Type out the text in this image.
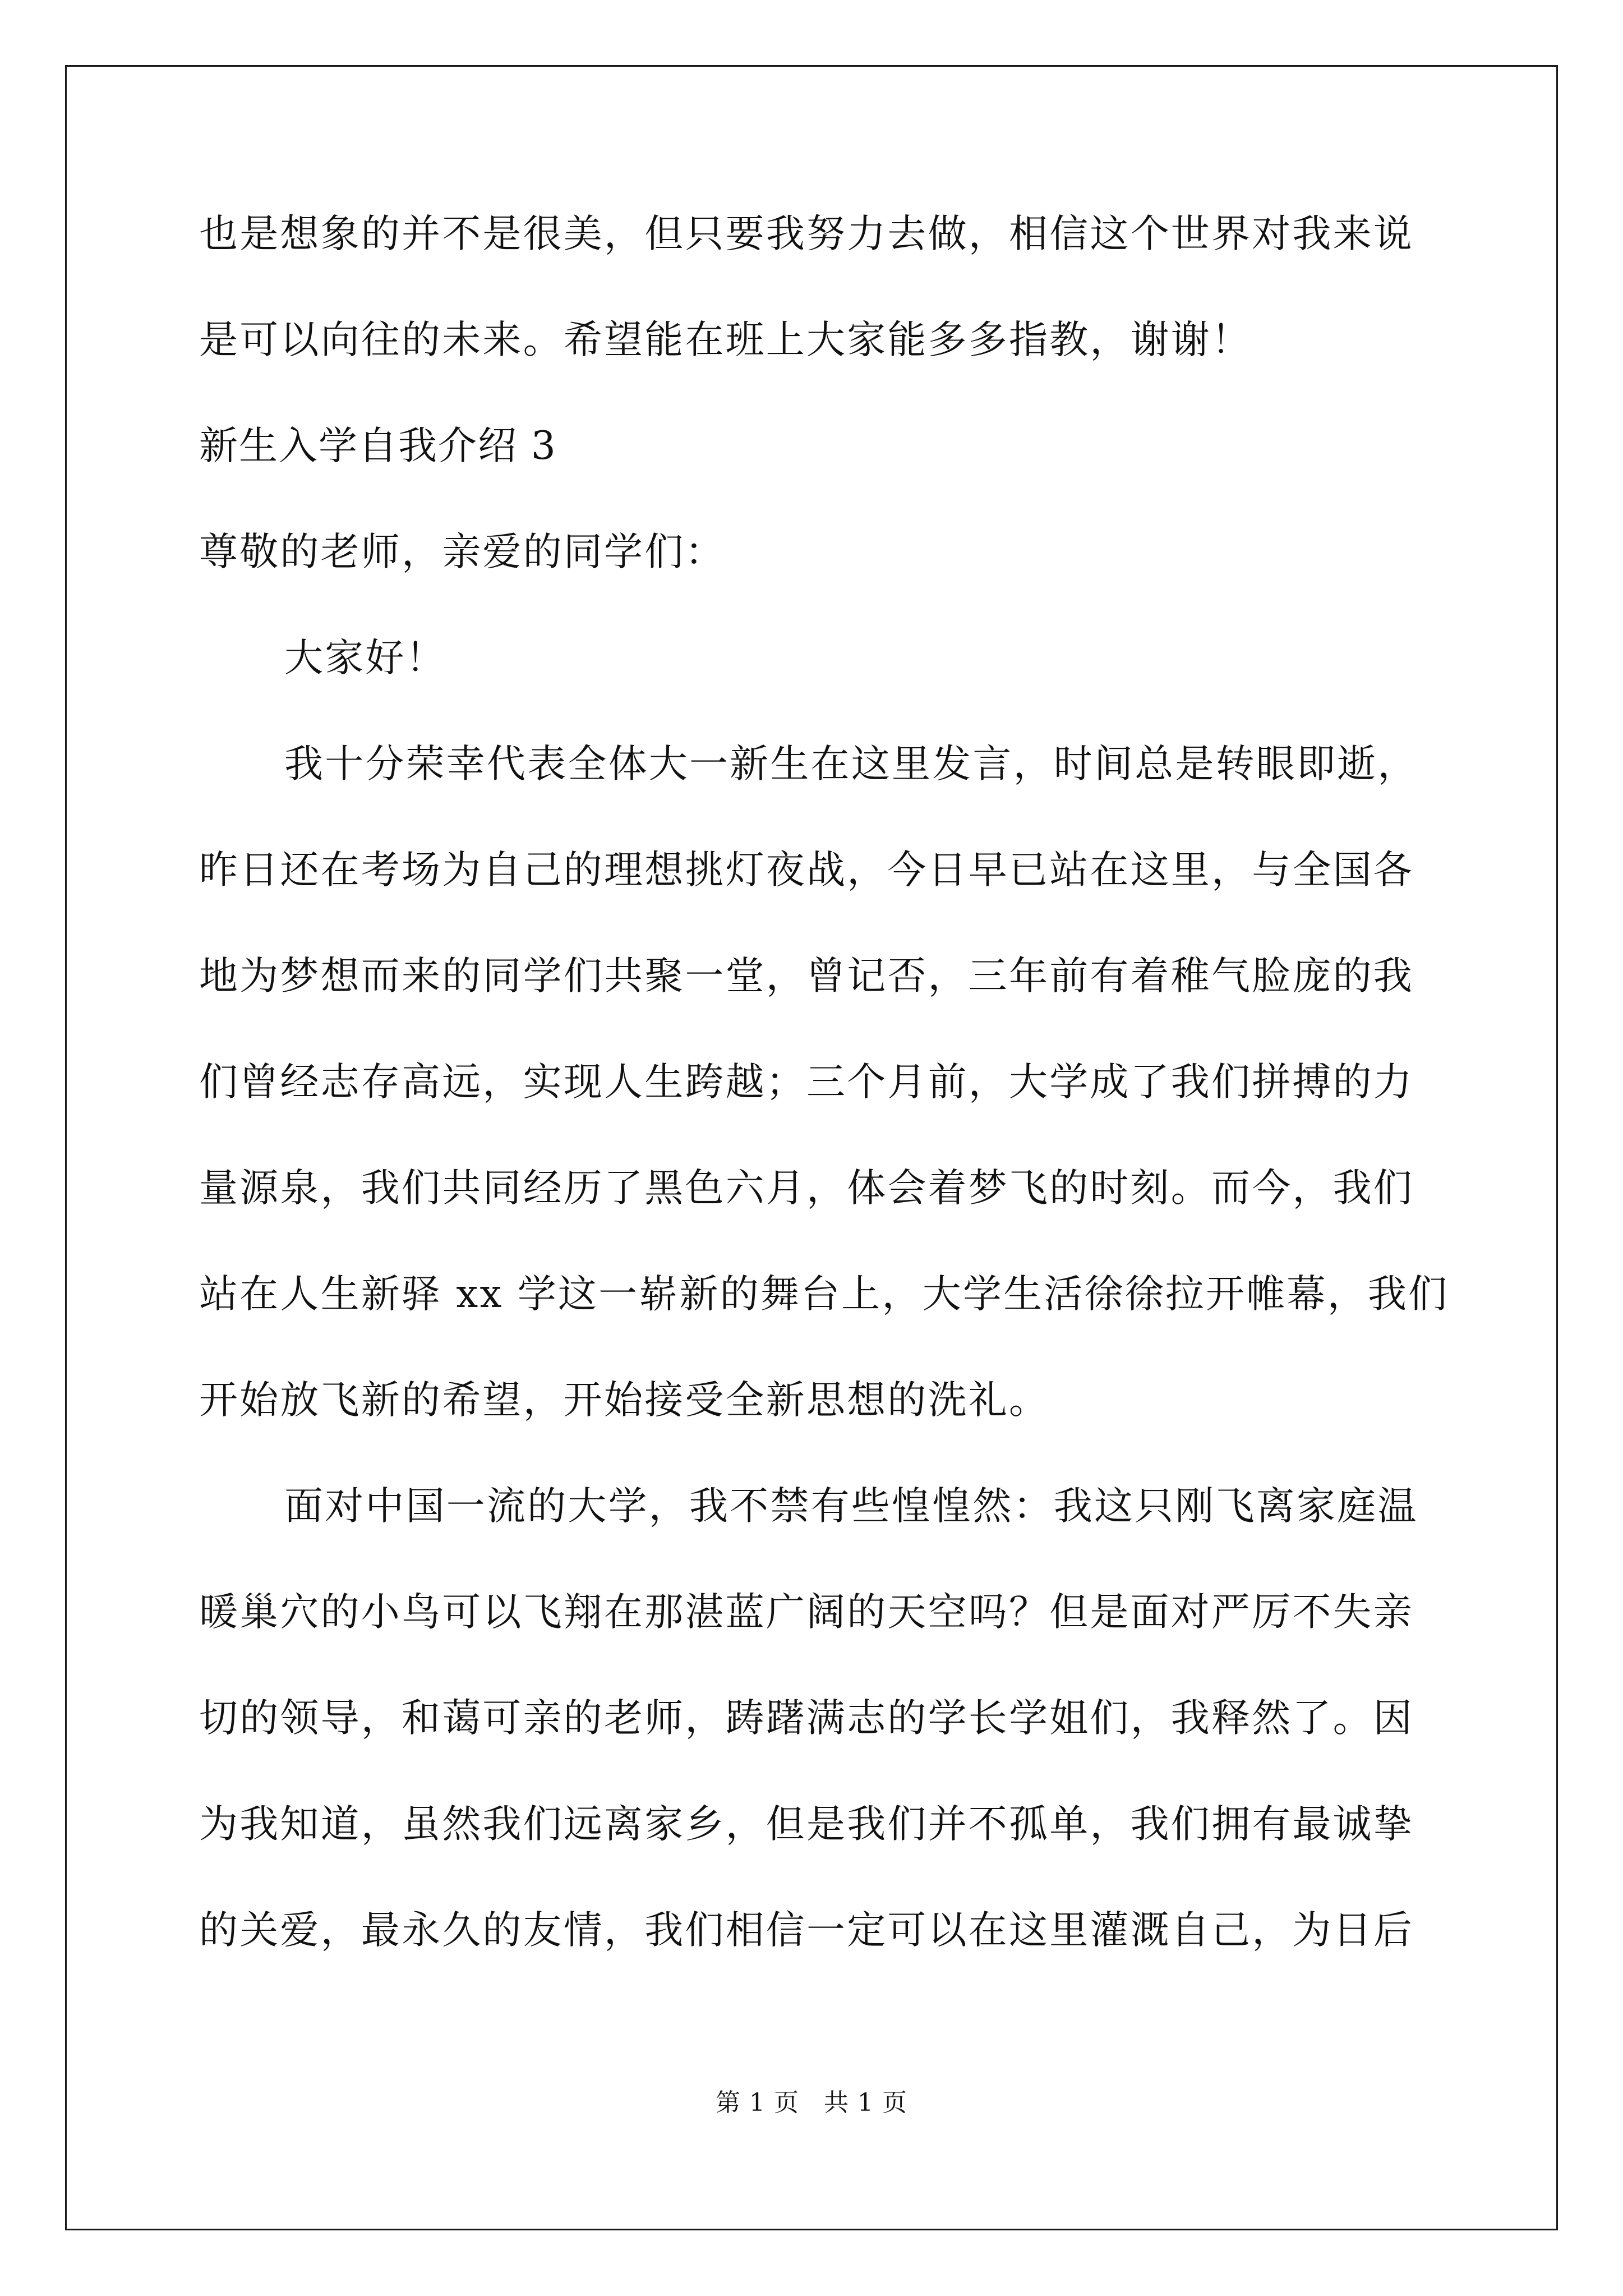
也是想象的并不是很美，但只要我努力去做，相信这个世界对我来说
是可以向往的未来。希望能在班上大家能多多指教，谢谢！
新生入学自我介绍 3
尊敬的老师，亲爱的同学们：
大家好！
我十分荣幸代表全体大一新生在这里发言，时间总是转眼即逝，
昨日还在考场为自己的理想挑灯夜战，今日早已站在这里，与全国各
地为梦想而来的同学们共聚一堂，曾记否，三年前有着稚气脸庞的我
们曾经志存高远，实现人生跨越；三个月前，大学成了我们拼搏的力
量源泉，我们共同经历了黑色六月，体会着梦飞的时刻。而今，我们
站在人生新驿 xx 学这一崭新的舞台上，大学生活徐徐拉开帷幕，我们
开始放飞新的希望，开始接受全新思想的洗礼。
面对中国一流的大学，我不禁有些惶惶然：我这只刚飞离家庭温
暖巢穴的小鸟可以飞翔在那湛蓝广阔的天空吗？但是面对严厉不失亲
切的领导，和蔼可亲的老师，踌躇满志的学长学姐们，我释然了。因
为我知道，虽然我们远离家乡，但是我们并不孤单，我们拥有最诚挚
的关爱，最永久的友情，我们相信一定可以在这里灌溉自己，为日后
第 1 页 共 1 页
